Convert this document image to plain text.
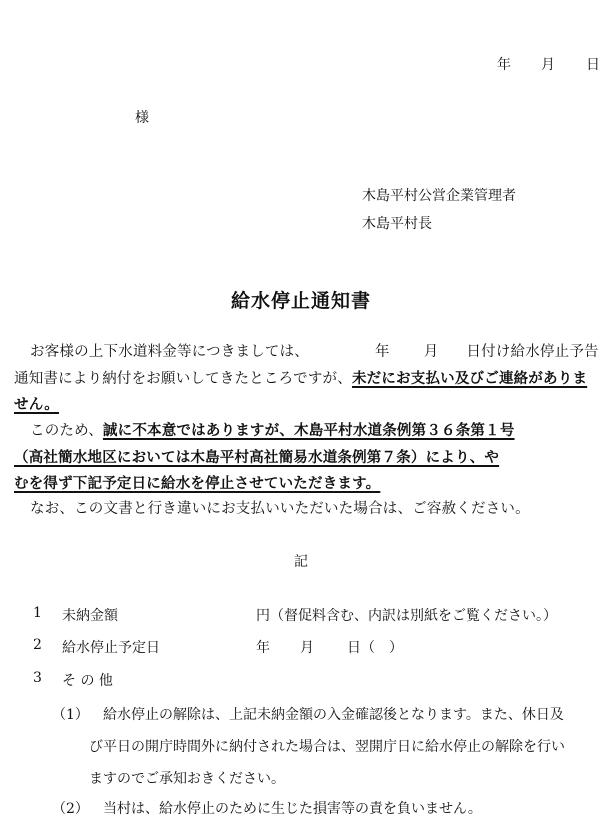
年 月 日
様
木島平村公営企業管理者
木島平村長
給水停止通知書
お客様の上下水道料金等につきましては、	年 月 日付け給水停止予告
通知書により納付をお願いしてきたところですが、未だにお支払い及びご連絡がありま
せん。
このため、誠に不本意ではありますが、木島平村水道条例第３６条第１号
（高社簡水地区においては木島平村高社簡易水道条例第７条）により、や
むを得ず下記予定日に給水を停止させていただきます。
なお、この文書と行き違いにお支払いいただいた場合は、ご容赦ください。
記
1 未納金額	円（督促料含む、内訳は別紙をご覧ください。）
2 給水停止予定日	年 月 日（　）
3 そ の 他
（1） 給水停止の解除は、上記未納金額の入金確認後となります。また、休日及
び平日の開庁時間外に納付された場合は、翌開庁日に給水停止の解除を行い
ますのでご承知おきください。
（2） 当村は、給水停止のために生じた損害等の責を負いません。
